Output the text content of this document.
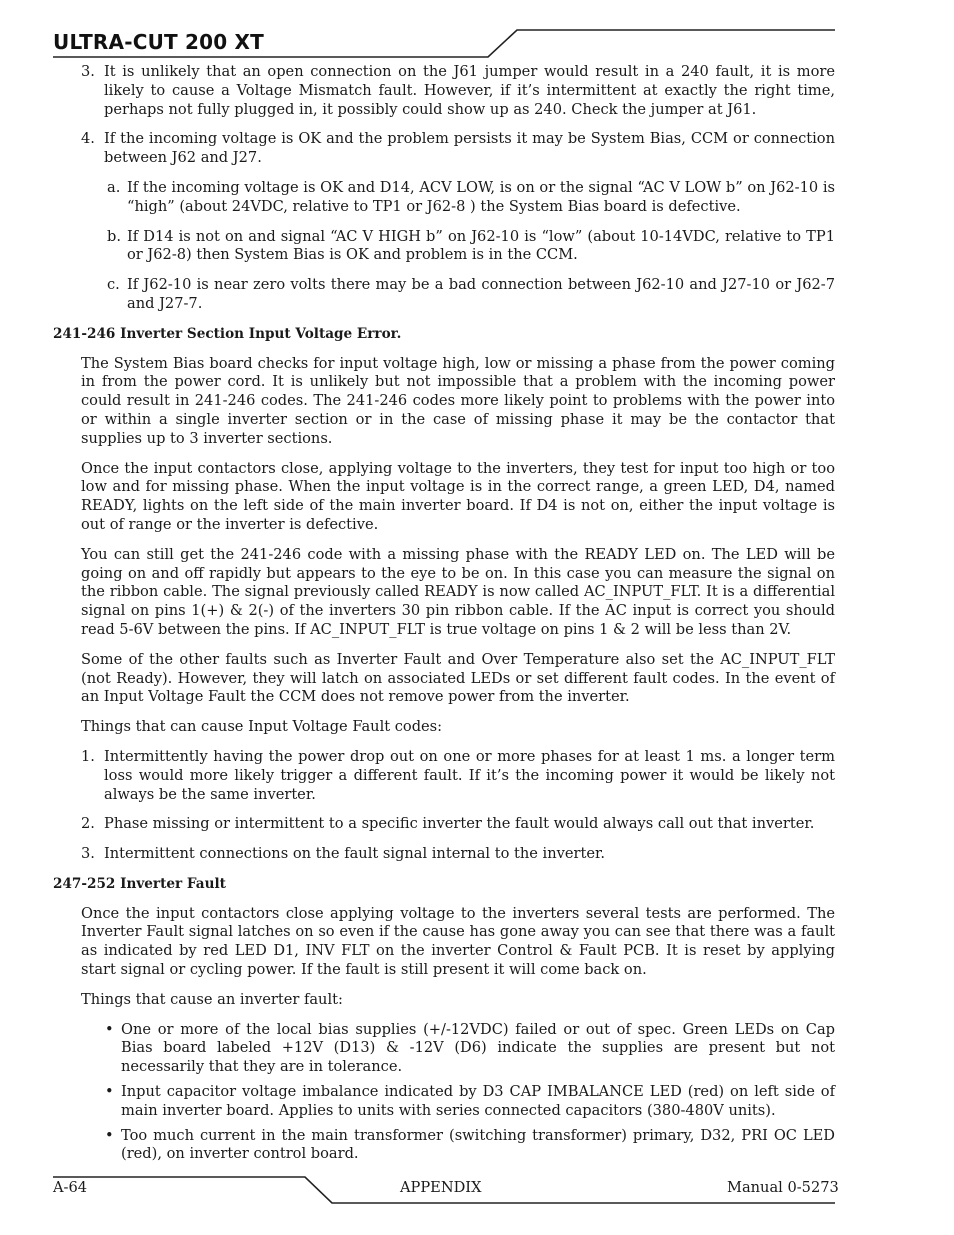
ULTRA-CUT 200 XT
3. It is unlikely that an open connection on the J61 jumper would result in a 240 fault, it is more likely to cause a Voltage Mismatch fault. However, if it’s intermittent at exactly the right time, perhaps not fully plugged in, it possibly could show up as 240. Check the jumper at J61.
4. If the incoming voltage is OK and the problem persists it may be System Bias, CCM or connection between J62 and J27.
a. If the incoming voltage is OK and D14, ACV LOW, is on or the signal “AC V LOW b” on J62-10 is “high” (about 24VDC, relative to TP1 or J62-8 ) the System Bias board is defective.
b. If D14 is not on and signal “AC V HIGH b” on J62-10 is “low” (about 10-14VDC, relative to TP1 or J62-8) then System Bias is OK and problem is in the CCM.
c. If J62-10 is near zero volts there may be a bad connection between J62-10 and J27-10 or J62-7 and J27-7.
241-246 Inverter Section Input Voltage Error.
The System Bias board checks for input voltage high, low or missing a phase from the power coming in from the power cord. It is unlikely but not impossible that a problem with the incoming power could result in 241-246 codes. The 241-246 codes more likely point to problems with the power into or within a single inverter section or in the case of missing phase it may be the contactor that supplies up to 3 inverter sections.
Once the input contactors close, applying voltage to the inverters, they test for input too high or too low and for missing phase. When the input voltage is in the correct range, a green LED, D4, named READY, lights on the left side of the main inverter board. If D4 is not on, either the input voltage is out of range or the inverter is defective.
You can still get the 241-246 code with a missing phase with the READY LED on. The LED will be going on and off rapidly but appears to the eye to be on. In this case you can measure the signal on the ribbon cable. The signal previously called READY is now called AC_INPUT_FLT. It is a differential signal on pins 1(+) & 2(-) of the inverters 30 pin ribbon cable. If the AC input is correct you should read 5-6V between the pins. If AC_INPUT_FLT is true voltage on pins 1 & 2 will be less than 2V.
Some of the other faults such as Inverter Fault and Over Temperature also set the AC_INPUT_FLT (not Ready). However, they will latch on associated LEDs or set different fault codes. In the event of an Input Voltage Fault the CCM does not remove power from the inverter.
Things that can cause Input Voltage Fault codes:
1. Intermittently having the power drop out on one or more phases for at least 1 ms. a longer term loss would more likely trigger a different fault. If it’s the incoming power it would be likely not always be the same inverter.
2. Phase missing or intermittent to a specific inverter the fault would always call out that inverter.
3. Intermittent connections on the fault signal internal to the inverter.
247-252 Inverter Fault
Once the input contactors close applying voltage to the inverters several tests are performed. The Inverter Fault signal latches on so even if the cause has gone away you can see that there was a fault as indicated by red LED D1, INV FLT on the inverter Control & Fault PCB. It is reset by applying start signal or cycling power. If the fault is still present it will come back on.
Things that cause an inverter fault:
• One or more of the local bias supplies (+/-12VDC) failed or out of spec. Green LEDs on Cap Bias board labeled +12V (D13) & -12V (D6) indicate the supplies are present but not necessarily that they are in tolerance.
• Input capacitor voltage imbalance indicated by D3 CAP IMBALANCE LED (red) on left side of main inverter board. Applies to units with series connected capacitors (380-480V units).
• Too much current in the main transformer (switching transformer) primary, D32, PRI OC LED (red), on inverter control board.
A-64	APPENDIX	Manual 0-5273
